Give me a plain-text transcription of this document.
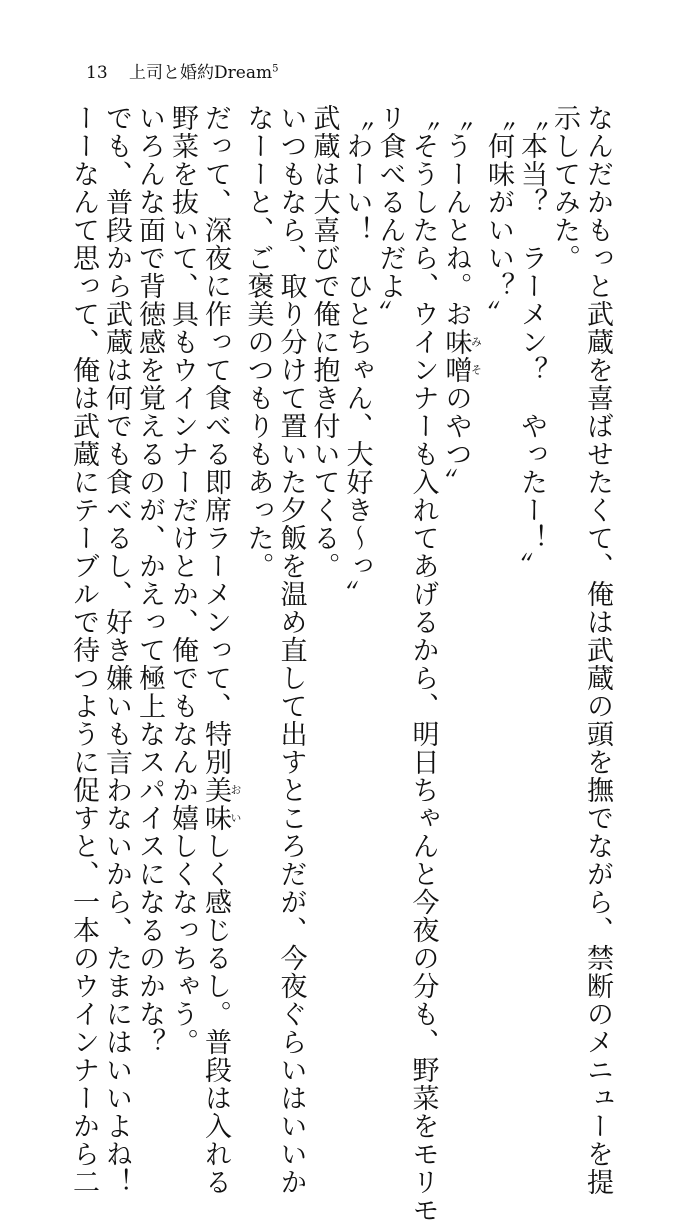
13 上司と婚約Dream$^5$

なんだかもっと武蔵を喜ばせたくて、俺は武蔵の頭を撫でながら、禁断のメニューを提

示してみた。

〝本当？　ラーメン？　やったー！〟

〝何味がいい？〟

〝うーんとね。お味噌みそのやつ〟

〝そうしたら、ウインナーも入れてあげるから、明日ちゃんと今夜の分も、野菜をモリモ

リ食べるんだよ〟

〝わーい！　ひとちゃん、大好き〜っ〟

武蔵は大喜びで俺に抱き付いてくる。

いつもなら、取り分けて置いた夕飯を温め直して出すところだが、今夜ぐらいはいいか

なーーと、ご褒美のつもりもあった。

だって、深夜に作って食べる即席ラーメンって、特別美味おいしく感じるし。普段は入れる

野菜を抜いて、具もウインナーだけとか、俺でもなんか嬉しくなっちゃう。

いろんな面で背徳感を覚えるのが、かえって極上なスパイスになるのかな？

でも、普段から武蔵は何でも食べるし、好き嫌いも言わないから、たまにはいいよね！

ーーなんて思って、俺は武蔵にテーブルで待つように促すと、一本のウインナーから二
